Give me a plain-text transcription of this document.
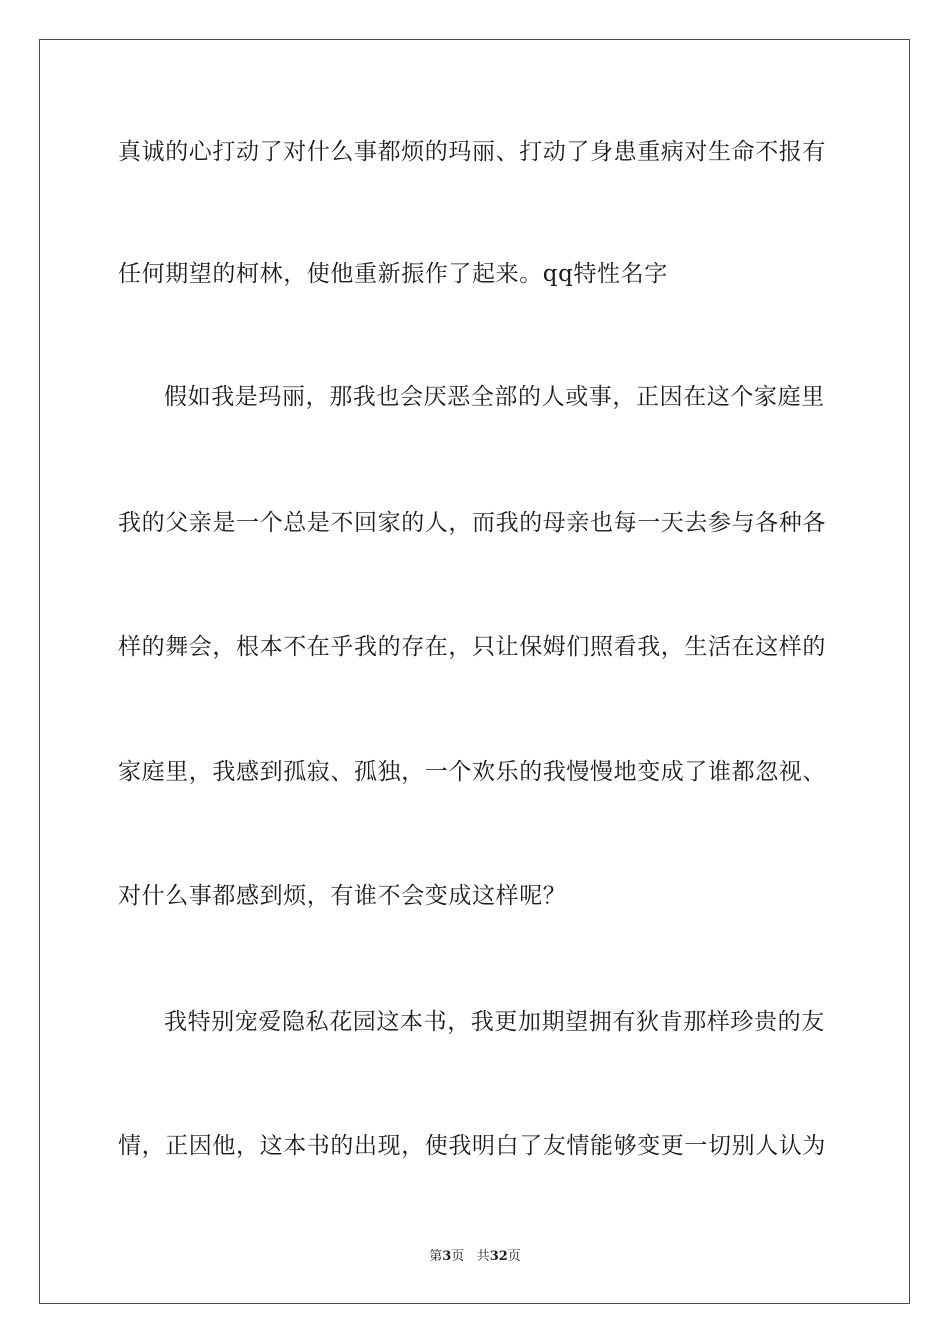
真诚的心打动了对什么事都烦的玛丽、打动了身患重病对生命不报有
任何期望的柯林，使他重新振作了起来。qq特性名字
假如我是玛丽，那我也会厌恶全部的人或事，正因在这个家庭里
我的父亲是一个总是不回家的人，而我的母亲也每一天去参与各种各
样的舞会，根本不在乎我的存在，只让保姆们照看我，生活在这样的
家庭里，我感到孤寂、孤独，一个欢乐的我慢慢地变成了谁都忽视、
对什么事都感到烦，有谁不会变成这样呢？
我特别宠爱隐私花园这本书，我更加期望拥有狄肯那样珍贵的友
情，正因他，这本书的出现，使我明白了友情能够变更一切别人认为
第3页 共32页
